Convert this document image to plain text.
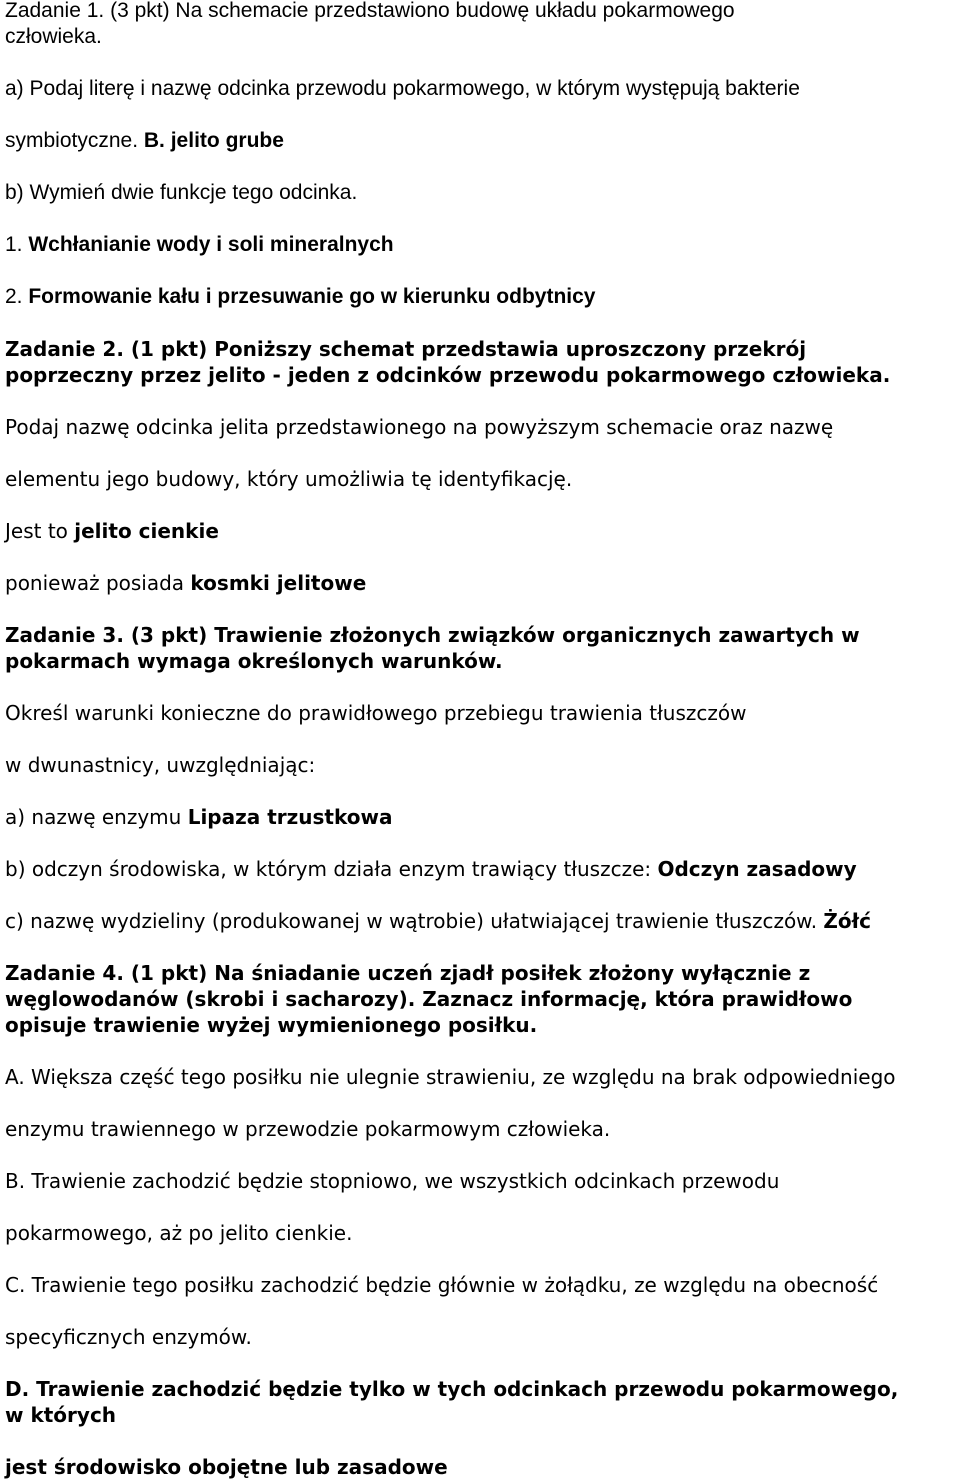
Zadanie 1. (3 pkt) Na schemacie przedstawiono budowę układu pokarmowego
człowieka.
a) Podaj literę i nazwę odcinka przewodu pokarmowego, w którym występują bakterie
symbiotyczne. B. jelito grube
b) Wymień dwie funkcje tego odcinka.
1. Wchłanianie wody i soli mineralnych
2. Formowanie kału i przesuwanie go w kierunku odbytnicy
Zadanie 2. (1 pkt) Poniższy schemat przedstawia uproszczony przekrój
poprzeczny przez jelito - jeden z odcinków przewodu pokarmowego człowieka.
Podaj nazwę odcinka jelita przedstawionego na powyższym schemacie oraz nazwę
elementu jego budowy, który umożliwia tę identyfikację.
Jest to jelito cienkie
ponieważ posiada kosmki jelitowe
Zadanie 3. (3 pkt) Trawienie złożonych związków organicznych zawartych w
pokarmach wymaga określonych warunków.
Określ warunki konieczne do prawidłowego przebiegu trawienia tłuszczów
w dwunastnicy, uwzględniając:
a) nazwę enzymu Lipaza trzustkowa
b) odczyn środowiska, w którym działa enzym trawiący tłuszcze: Odczyn zasadowy
c) nazwę wydzieliny (produkowanej w wątrobie) ułatwiającej trawienie tłuszczów. Żółć
Zadanie 4. (1 pkt) Na śniadanie uczeń zjadł posiłek złożony wyłącznie z
węglowodanów (skrobi i sacharozy). Zaznacz informację, która prawidłowo
opisuje trawienie wyżej wymienionego posiłku.
A. Większa część tego posiłku nie ulegnie strawieniu, ze względu na brak odpowiedniego
enzymu trawiennego w przewodzie pokarmowym człowieka.
B. Trawienie zachodzić będzie stopniowo, we wszystkich odcinkach przewodu
pokarmowego, aż po jelito cienkie.
C. Trawienie tego posiłku zachodzić będzie głównie w żołądku, ze względu na obecność
specyficznych enzymów.
D. Trawienie zachodzić będzie tylko w tych odcinkach przewodu pokarmowego,
w których
jest środowisko obojętne lub zasadowe
